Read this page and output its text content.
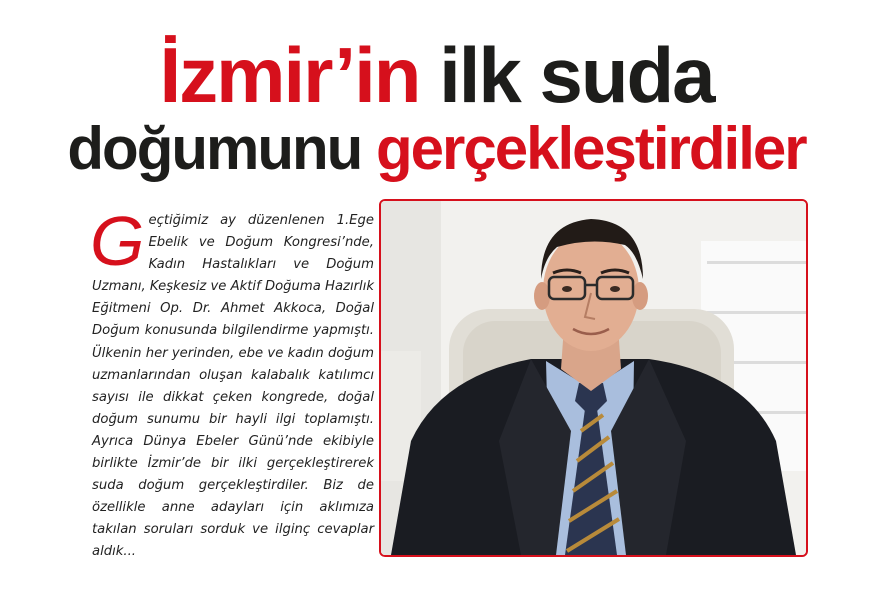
İzmir’in ilk suda
doğumunu gerçekleştirdiler
G eçtiğimiz ay düzenlenen 1.Ege Ebelik ve Doğum Kongresi’nde, Kadın Hastalıkları ve Doğum Uzmanı, Keşkesiz ve Aktif Doğuma Hazırlık Eğitmeni Op. Dr. Ahmet Akkoca, Doğal Doğum konusunda bilgilendirme yapmıştı. Ülkenin her yerinden, ebe ve kadın doğum uzmanlarından oluşan kalabalık katılımcı sayısı ile dikkat çeken kongrede, doğal doğum sunumu bir hayli ilgi toplamıştı. Ayrıca Dünya Ebeler Günü’nde ekibiyle birlikte İzmir’de bir ilki gerçekleştirerek suda doğum gerçekleştirdiler. Biz de özellikle anne adayları için aklımıza takılan soruları sorduk ve ilginç cevaplar aldık...
